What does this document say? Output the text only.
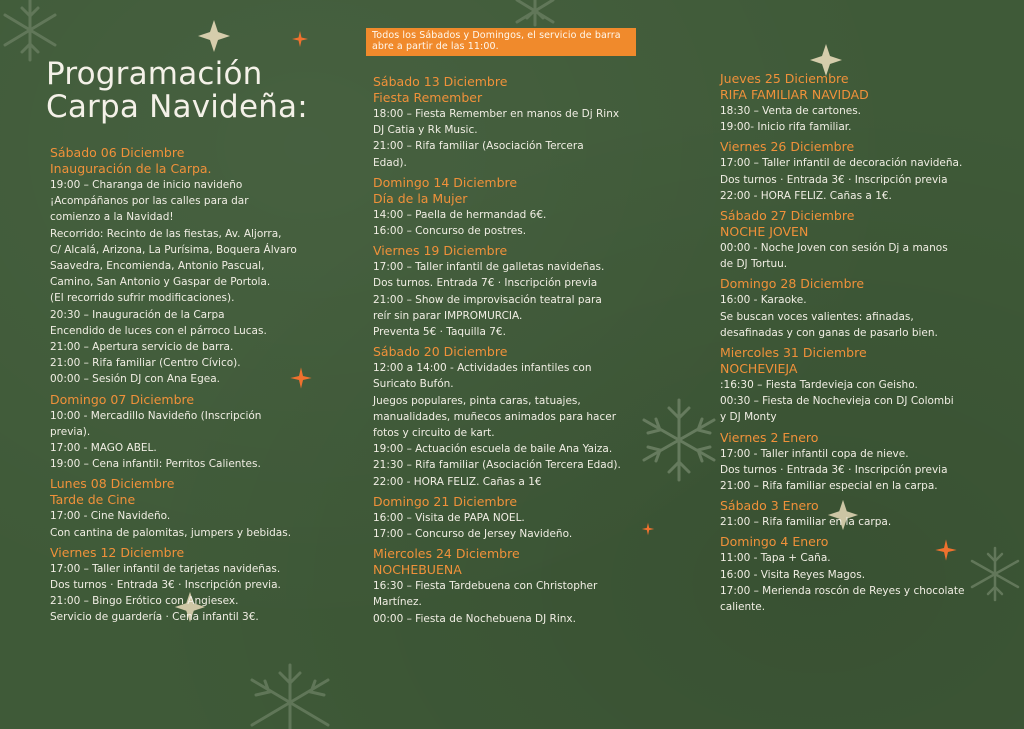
Programación
Carpa Navideña:
Todos los Sábados y Domingos, el servicio de barra abre a partir de las 11:00.
Sábado 06 Diciembre
Inauguración de la Carpa.
19:00 – Charanga de inicio navideño
¡Acompáñanos por las calles para dar
comienzo a la Navidad!
Recorrido: Recinto de las fiestas, Av. Aljorra,
C/ Alcalá, Arizona, La Purísima, Boquera Álvaro
Saavedra, Encomienda, Antonio Pascual,
Camino, San Antonio y Gaspar de Portola.
(El recorrido sufrir modificaciones).
20:30 – Inauguración de la Carpa
Encendido de luces con el párroco Lucas.
21:00 – Apertura servicio de barra.
21:00 – Rifa familiar (Centro Cívico).
00:00 – Sesión DJ con Ana Egea.
Domingo 07 Diciembre
10:00 - Mercadillo Navideño (Inscripción
previa).
17:00 - MAGO ABEL.
19:00 – Cena infantil: Perritos Calientes.
Lunes 08 Diciembre
Tarde de Cine
17:00 - Cine Navideño.
Con cantina de palomitas, jumpers y bebidas.
Viernes 12 Diciembre
17:00 – Taller infantil de tarjetas navideñas.
Dos turnos · Entrada 3€ · Inscripción previa.
21:00 – Bingo Erótico con Angiesex.
Servicio de guardería · Cena infantil 3€.
Sábado 13 Diciembre
Fiesta Remember
18:00 – Fiesta Remember en manos de Dj Rinx
DJ Catia y Rk Music.
21:00 – Rifa familiar (Asociación Tercera
Edad).
Domingo 14 Diciembre
Día de la Mujer
14:00 – Paella de hermandad 6€.
16:00 – Concurso de postres.
Viernes 19 Diciembre
17:00 – Taller infantil de galletas navideñas.
Dos turnos. Entrada 7€ · Inscripción previa
21:00 – Show de improvisación teatral para
reír sin parar IMPROMURCIA.
Preventa 5€ · Taquilla 7€.
Sábado 20 Diciembre
12:00 a 14:00 - Actividades infantiles con
Suricato Bufón.
Juegos populares, pinta caras, tatuajes,
manualidades, muñecos animados para hacer
fotos y circuito de kart.
19:00 – Actuación escuela de baile Ana Yaiza.
21:30 – Rifa familiar (Asociación Tercera Edad).
22:00 - HORA FELIZ. Cañas a 1€
Domingo 21 Diciembre
16:00 – Visita de PAPA NOEL.
17:00 – Concurso de Jersey Navideño.
Miercoles 24 Diciembre
NOCHEBUENA
16:30 – Fiesta Tardebuena con Christopher
Martínez.
00:00 – Fiesta de Nochebuena DJ Rinx.
Jueves 25 Diciembre
RIFA FAMILIAR NAVIDAD
18:30 – Venta de cartones.
19:00- Inicio rifa familiar.
Viernes 26 Diciembre
17:00 – Taller infantil de decoración navideña.
Dos turnos · Entrada 3€ · Inscripción previa
22:00 - HORA FELIZ. Cañas a 1€.
Sábado 27 Diciembre
NOCHE JOVEN
00:00 - Noche Joven con sesión Dj a manos
de DJ Tortuu.
Domingo 28 Diciembre
16:00 - Karaoke.
Se buscan voces valientes: afinadas,
desafinadas y con ganas de pasarlo bien.
Miercoles 31 Diciembre
NOCHEVIEJA
:16:30 – Fiesta Tardevieja con Geisho.
00:30 – Fiesta de Nochevieja con DJ Colombi
y DJ Monty
Viernes 2 Enero
17:00 - Taller infantil copa de nieve.
Dos turnos · Entrada 3€ · Inscripción previa
21:00 – Rifa familiar especial en la carpa.
Sábado 3 Enero
21:00 – Rifa familiar en la carpa.
Domingo 4 Enero
11:00 - Tapa + Caña.
16:00 - Visita Reyes Magos.
17:00 – Merienda roscón de Reyes y chocolate
caliente.
